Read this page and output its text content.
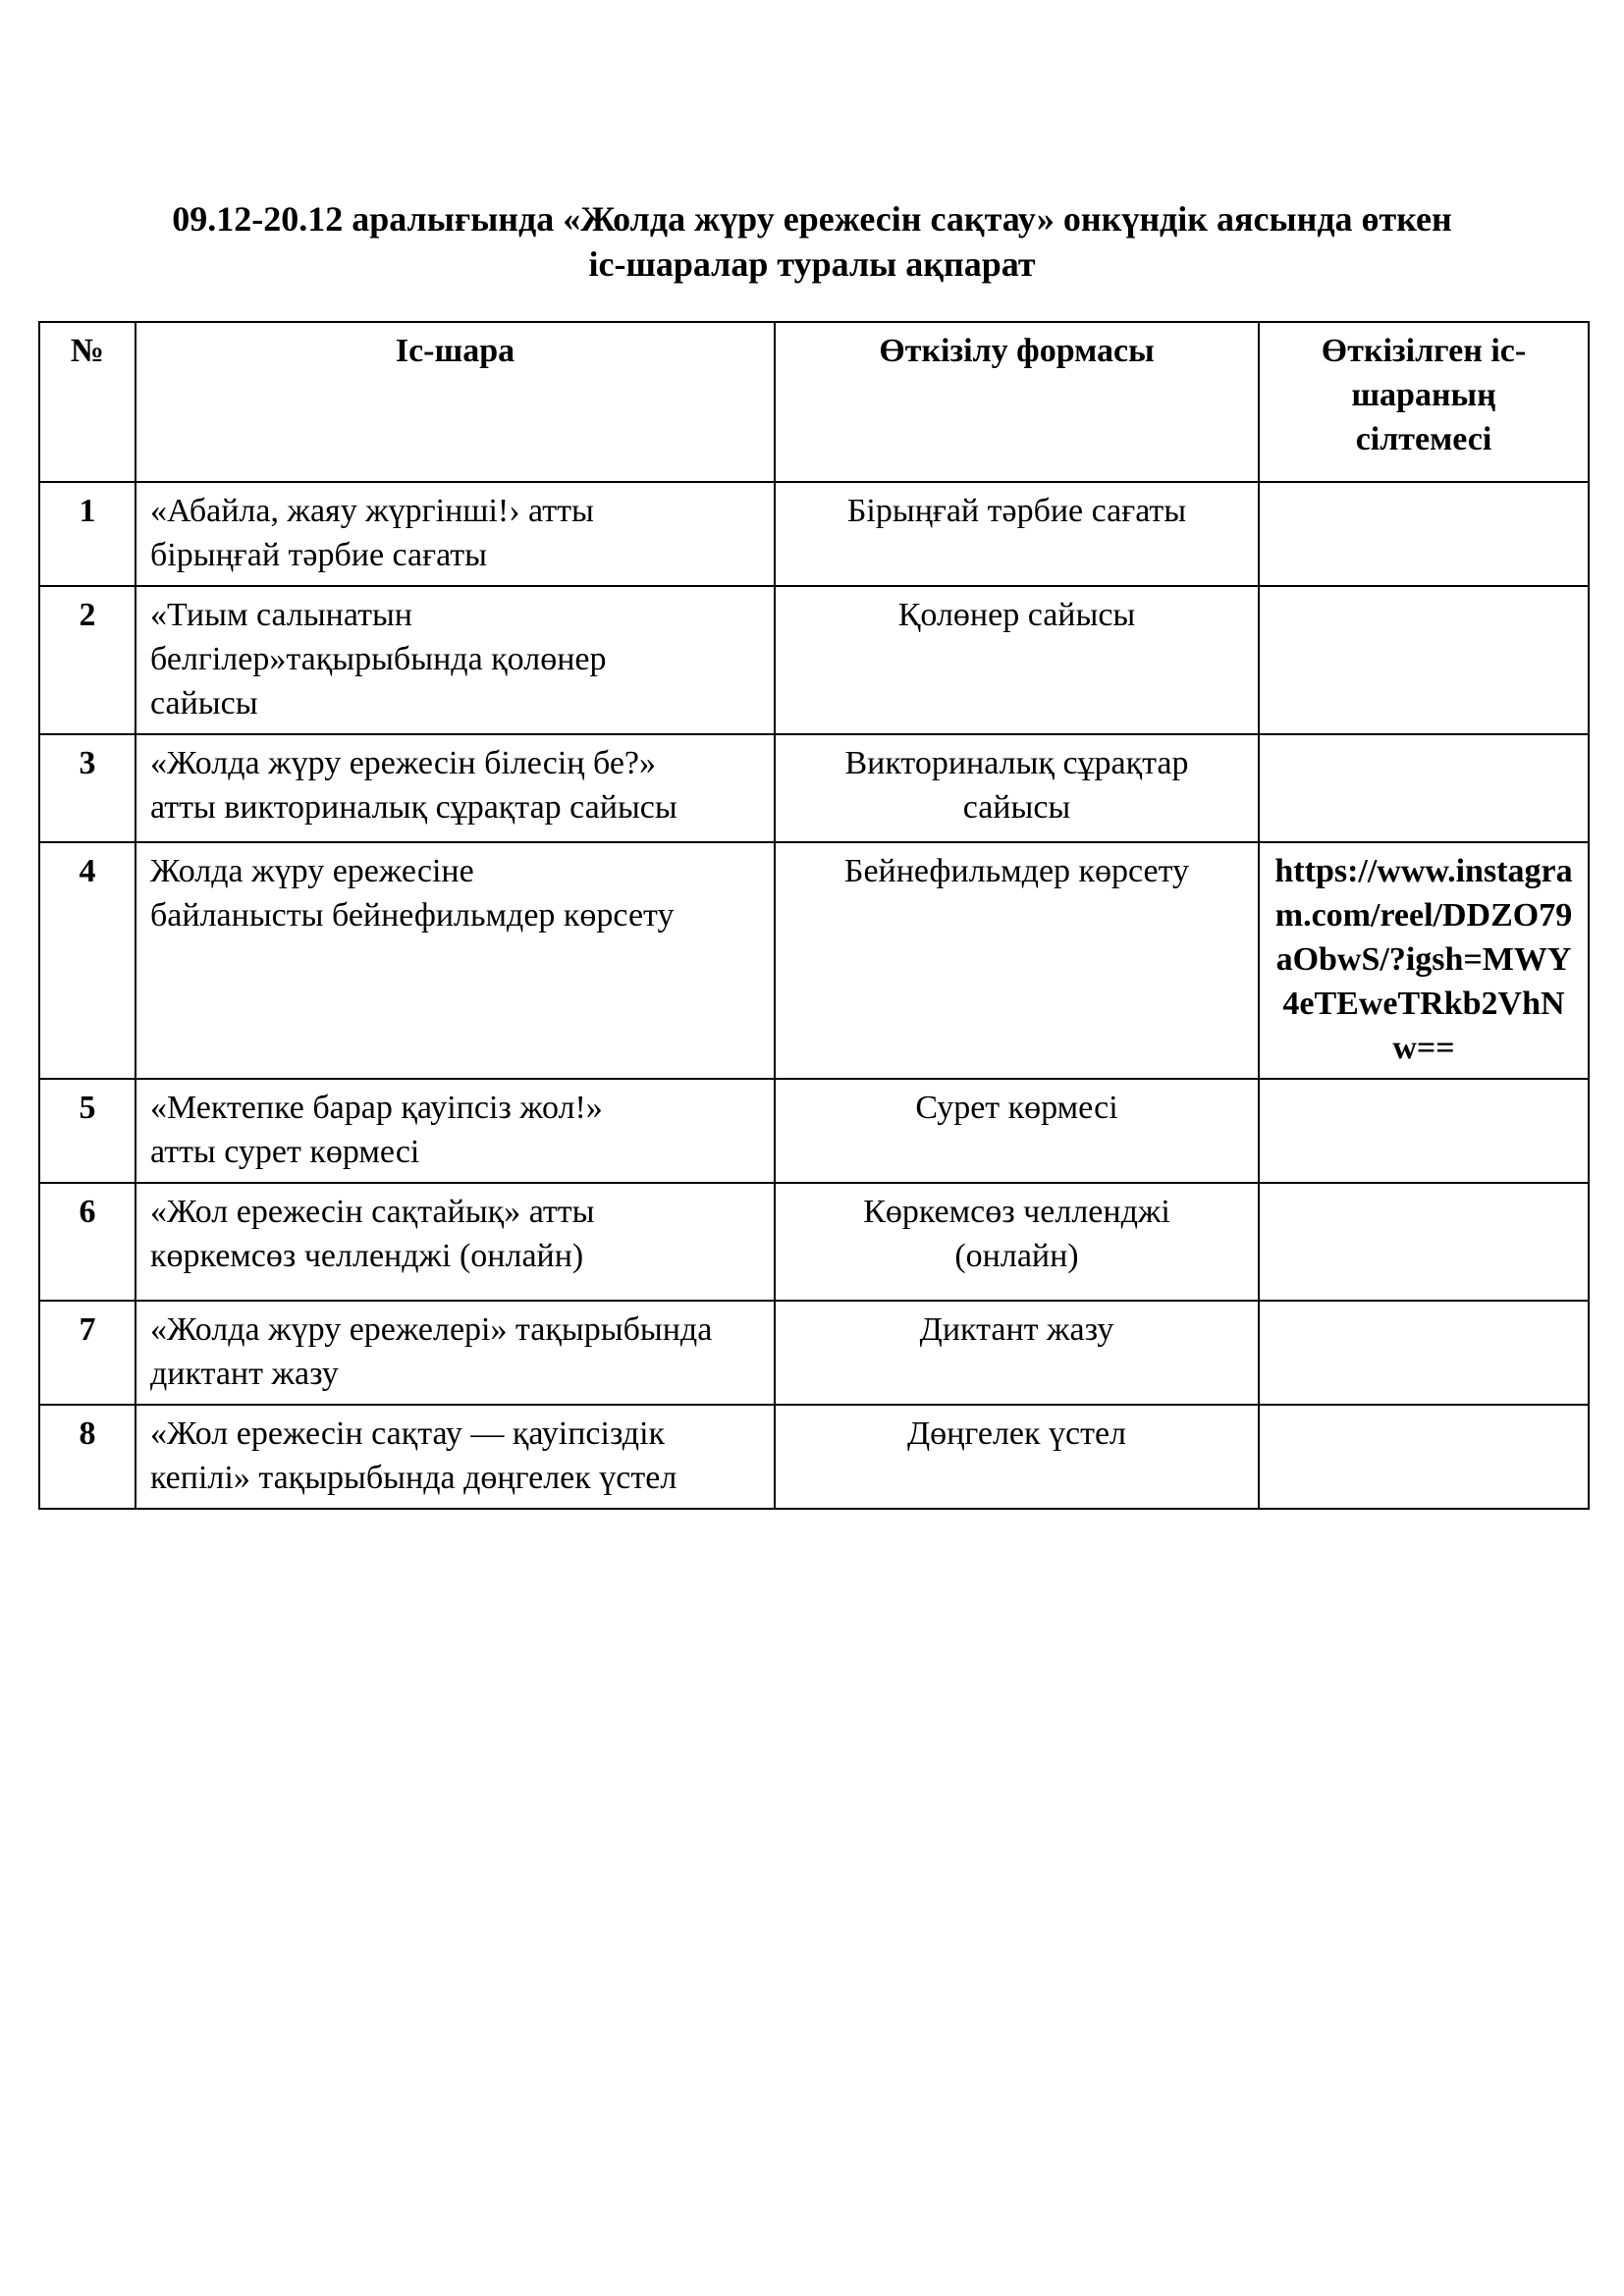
09.12-20.12 аралығында «Жолда жүру ережесін сақтау» онкүндік аясында өткен
іс-шаралар туралы ақпарат
№	Іс-шара	Өткізілу формасы	Өткізілген іс-
шараның
сілтемесі
1	«Абайла, жаяу жүргінші!› атты
бірыңғай тәрбие сағаты	Бірыңғай тәрбие сағаты	
2	«Тиым салынатын
белгілер»тақырыбында қолөнер
сайысы	Қолөнер сайысы	
3	«Жолда жүру ережесін білесің бе?»
атты викториналық сұрақтар сайысы	Викториналық сұрақтар
сайысы	
4	Жолда жүру ережесіне
байланысты бейнефильмдер көрсету	Бейнефильмдер көрсету	https://www.instagram.com/reel/DDZO79aObwS/?igsh=MWY4eTEweTRkb2VhNw==
5	«Мектепке барар қауіпсіз жол!»
атты сурет көрмесі	Сурет көрмесі	
6	«Жол ережесін сақтайық» атты
көркемсөз челленджі (онлайн)	Көркемсөз челленджі
(онлайн)	
7	«Жолда жүру ережелері» тақырыбында
диктант жазу	Диктант жазу	
8	«Жол ережесін сақтау — қауіпсіздік
кепілі» тақырыбында дөңгелек үстел	Дөңгелек үстел	
